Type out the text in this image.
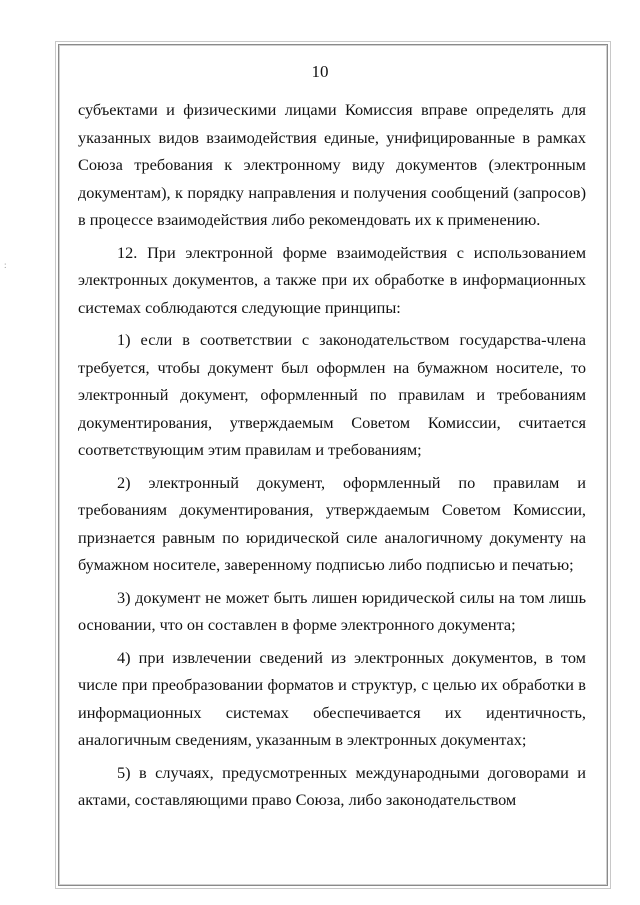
:
10

субъектами и физическими лицами Комиссия вправе определять для указанных видов взаимодействия единые, унифицированные в рамках Союза требования к электронному виду документов (электронным документам), к порядку направления и получения сообщений (запросов) в процессе взаимодействия либо рекомендовать их к применению.

12. При электронной форме взаимодействия с использованием электронных документов, а также при их обработке в информационных системах соблюдаются следующие принципы:

1) если в соответствии с законодательством государства-члена требуется, чтобы документ был оформлен на бумажном носителе, то электронный документ, оформленный по правилам и требованиям документирования, утверждаемым Советом Комиссии, считается соответствующим этим правилам и требованиям;

2) электронный документ, оформленный по правилам и требованиям документирования, утверждаемым Советом Комиссии, признается равным по юридической силе аналогичному документу на бумажном носителе, заверенному подписью либо подписью и печатью;

3) документ не может быть лишен юридической силы на том лишь основании, что он составлен в форме электронного документа;

4) при извлечении сведений из электронных документов, в том числе при преобразовании форматов и структур, с целью их обработки в информационных системах обеспечивается их идентичность, аналогичным сведениям, указанным в электронных документах;

5) в случаях, предусмотренных международными договорами и актами, составляющими право Союза, либо законодательством
